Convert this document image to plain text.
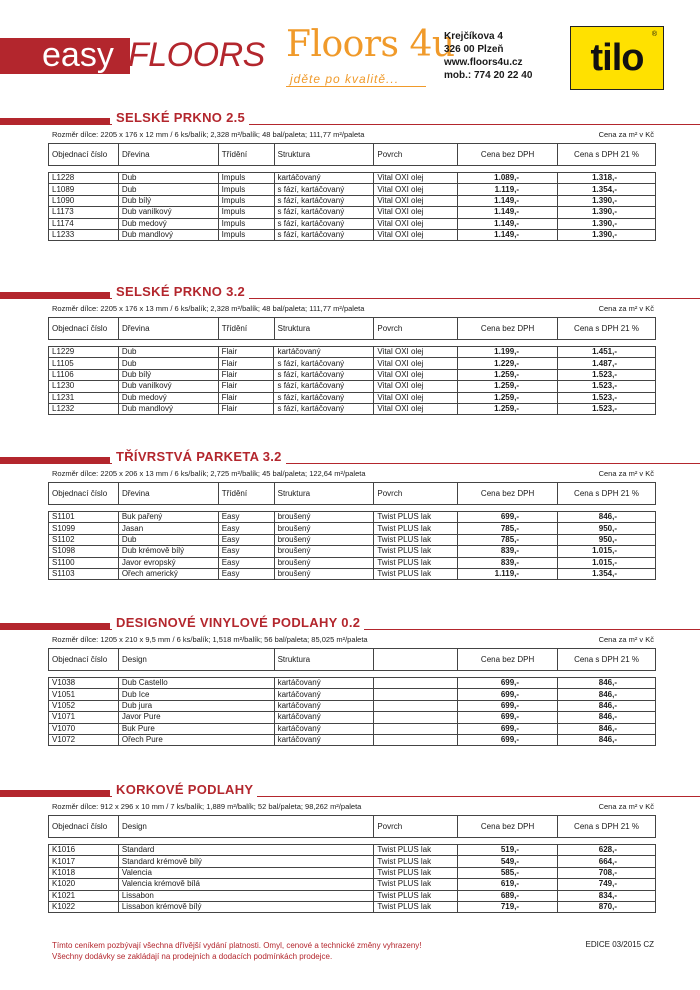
easy FLOORS Floors 4u
jděte po kvalitě...
Krejčíkova 4
326 00 Plzeň
www.floors4u.cz
mob.: 774 20 22 40	tilo
®
SELSKÉ PRKNO 2.5
Rozměr dílce: 2205 x 176 x 12 mm / 6 ks/balík; 2,328 m²/balík; 48 bal/paleta; 111,77 m²/paleta	Cena za m² v Kč
Objednací číslo	Dřevina	Třídění	Struktura	Povrch	Cena bez DPH	Cena s DPH 21 %
L1228	Dub	Impuls	kartáčovaný	Vital OXI olej	1.089,-	1.318,-
L1089	Dub	Impuls	s fází, kartáčovaný	Vital OXI olej	1.119,-	1.354,-
L1090	Dub bílý	Impuls	s fází, kartáčovaný	Vital OXI olej	1.149,-	1.390,-
L1173	Dub vanilkový	Impuls	s fází, kartáčovaný	Vital OXI olej	1.149,-	1.390,-
L1174	Dub medový	Impuls	s fází, kartáčovaný	Vital OXI olej	1.149,-	1.390,-
L1233	Dub mandlový	Impuls	s fází, kartáčovaný	Vital OXI olej	1.149,-	1.390,-
SELSKÉ PRKNO 3.2
Rozměr dílce: 2205 x 176 x 13 mm / 6 ks/balík; 2,328 m²/balík; 48 bal/paleta; 111,77 m²/paleta	Cena za m² v Kč
Objednací číslo	Dřevina	Třídění	Struktura	Povrch	Cena bez DPH	Cena s DPH 21 %
L1229	Dub	Flair	kartáčovaný	Vital OXI olej	1.199,-	1.451,-
L1105	Dub	Flair	s fází, kartáčovaný	Vital OXI olej	1.229,-	1.487,-
L1106	Dub bílý	Flair	s fází, kartáčovaný	Vital OXI olej	1.259,-	1.523,-
L1230	Dub vanilkový	Flair	s fází, kartáčovaný	Vital OXI olej	1.259,-	1.523,-
L1231	Dub medový	Flair	s fází, kartáčovaný	Vital OXI olej	1.259,-	1.523,-
L1232	Dub mandlový	Flair	s fází, kartáčovaný	Vital OXI olej	1.259,-	1.523,-
TŘÍVRSTVÁ PARKETA 3.2
Rozměr dílce: 2205 x 206 x 13 mm / 6 ks/balík; 2,725 m²/balík; 45 bal/paleta; 122,64 m²/paleta	Cena za m² v Kč
Objednací číslo	Dřevina	Třídění	Struktura	Povrch	Cena bez DPH	Cena s DPH 21 %
S1101	Buk pařený	Easy	broušený	Twist PLUS lak	699,-	846,-
S1099	Jasan	Easy	broušený	Twist PLUS lak	785,-	950,-
S1102	Dub	Easy	broušený	Twist PLUS lak	785,-	950,-
S1098	Dub krémově bílý	Easy	broušený	Twist PLUS lak	839,-	1.015,-
S1100	Javor evropský	Easy	broušený	Twist PLUS lak	839,-	1.015,-
S1103	Ořech americký	Easy	broušený	Twist PLUS lak	1.119,-	1.354,-
DESIGNOVÉ VINYLOVÉ PODLAHY 0.2
Rozměr dílce: 1205 x 210 x 9,5 mm / 6 ks/balík; 1,518 m²/balík; 56 bal/paleta; 85,025 m²/paleta	Cena za m² v Kč
Objednací číslo	Design	Struktura		Cena bez DPH	Cena s DPH 21 %
V1038	Dub Castello	kartáčovaný		699,-	846,-
V1051	Dub Ice	kartáčovaný		699,-	846,-
V1052	Dub jura	kartáčovaný		699,-	846,-
V1071	Javor Pure	kartáčovaný		699,-	846,-
V1070	Buk Pure	kartáčovaný		699,-	846,-
V1072	Ořech Pure	kartáčovaný		699,-	846,-
KORKOVÉ PODLAHY
Rozměr dílce: 912 x 296 x 10 mm / 7 ks/balík; 1,889 m²/balík; 52 bal/paleta; 98,262 m²/paleta	Cena za m² v Kč
Objednací číslo	Design	Povrch	Cena bez DPH	Cena s DPH 21 %
K1016	Standard	Twist PLUS lak	519,-	628,-
K1017	Standard krémově bílý	Twist PLUS lak	549,-	664,-
K1018	Valencia	Twist PLUS lak	585,-	708,-
K1020	Valencia krémově bílá	Twist PLUS lak	619,-	749,-
K1021	Lissabon	Twist PLUS lak	689,-	834,-
K1022	Lissabon krémově bílý	Twist PLUS lak	719,-	870,-
Tímto ceníkem pozbývají všechna dřívější vydání platnosti. Omyl, cenové a technické změny vyhrazeny!
Všechny dodávky se zakládají na prodejních a dodacích podmínkách prodejce.
EDICE 03/2015 CZ
